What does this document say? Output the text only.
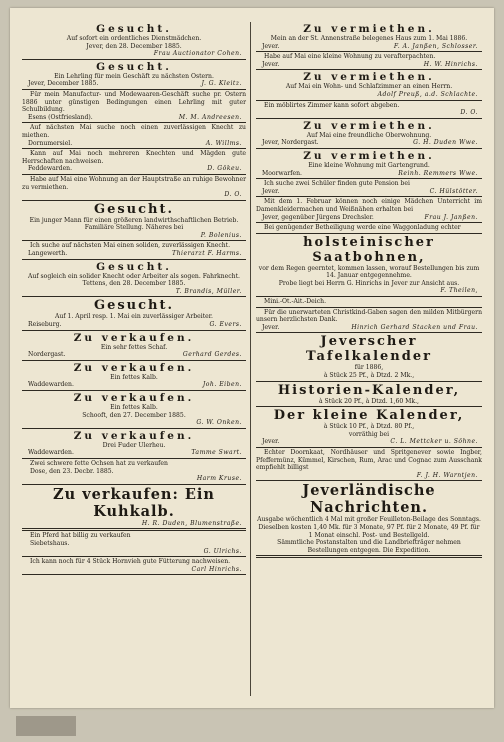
Gesucht.
Auf sofort ein ordentliches Dienstmädchen.
Jever, den 28. December 1885.
Frau Auctionator Cohen.
Gesucht.
Ein Lehrling für mein Geschäft zu nächsten Ostern.
Jever, December 1885.	J. G. Kleitz.
Für mein Manufactur- und Modewaaren-Geschäft suche pr. Ostern 1886 unter günstigen Bedingungen einen Lehrling mit guter Schulbildung.
Esens (Ostfriesland).	M. M. Andreesen.
Auf nächsten Mai suche noch einen zuverlässigen Knecht zu miethen.
Dornumersiel.	A. Willms.
Kann auf Mai noch mehreren Knechten und Mägden gute Herrschaften nachweisen.
Feddewarden.	D. Gökeu.
Habe auf Mai eine Wohnung an der Hauptstraße an ruhige Bewohner zu vermiethen.
D. O.
Gesucht.
Ein junger Mann für einen größeren landwirthschaftlichen Betrieb. Familiäre Stellung. Näheres bei
P. Bolenius.
Ich suche auf nächsten Mai einen soliden, zuverlässigen Knecht.
Langewerth.	Thierarzt F. Harms.
Gesucht.
Auf sogleich ein solider Knecht oder Arbeiter als sogen. Fahrknecht.
Tettens, den 28. December 1885.
T. Brandis, Müller.
Gesucht.
Auf 1. April resp. 1. Mai ein zuverlässiger Arbeiter.
Reiseburg.	G. Evers.
Zu verkaufen.
Ein sehr fettes Schaf.
Nordergast.	Gerhard Gerdes.
Zu verkaufen.
Ein fettes Kalb.
Waddewarden.	Joh. Eiben.
Zu verkaufen.
Ein fettes Kalb.
Schooft, den 27. December 1885.
G. W. Onken.
Zu verkaufen.
Drei Fuder Ulerheu.
Waddewarden.	Tamme Swart.
Zwei schwere fette Ochsen hat zu verkaufen
Dose, den 23. Decbr. 1885.
Harm Kruse.
Zu verkaufen: Ein Kuhkalb.
H. R. Duden, Blumenstraße.
Ein Pferd hat billig zu verkaufen
Siebetshaus.
G. Ulrichs.
Ich kann noch für 4 Stück Hornvieh gute Fütterung nachweisen.
Carl Hinrichs.
Zu vermiethen.
Mein an der St. Annenstraße belegenes Haus zum 1. Mai 1886.
Jever.	F. A. Janßen, Schlosser.
Habe auf Mai eine kleine Wohnung zu verafterpachten.
Jever.	H. W. Hinrichs.
Zu vermiethen.
Auf Mai ein Wohn- und Schlafzimmer an einen Herrn.
Adolf Preuß, a.d. Schlachte.
Ein möblirtes Zimmer kann sofort abgeben.
D. O.
Zu vermiethen.
Auf Mai eine freundliche Oberwohnung.
Jever, Nordergast.	G. H. Duden Wwe.
Zu vermiethen.
Eine kleine Wohnung mit Gartengrund.
Moorwarfen.	Reinh. Remmers Wwe.
Ich suche zwei Schüler finden gute Pension bei
Jever.	C. Hülstötter.
Mit dem 1. Februar können noch einige Mädchen Unterricht im Damenkleidermachen und Weißnähen erhalten bei
Jever, gegenüber Jürgens Drechsler.	Frau J. Janßen.
Bei genügender Betheiligung werde eine Waggonladung echter
holsteinischer Saatbohnen,
vor dem Regen geerntet, kommen lassen, worauf Bestellungen bis zum 14. Januar entgegennehme.
Probe liegt bei Herrn G. Hinrichs in Jever zur Ansicht aus.
F. Theilen,
Mini.-Ot.-Ait.-Deich.
Für die unerwarteten Christkind-Gaben sagen den milden Mitbürgern unsern herzlichsten Dank.
Jever.	Hinrich Gerhard Stacken und Frau.
Jeverscher Tafelkalender
für 1886,
à Stück 25 Pf., à Dtzd. 2 Mk.,
Historien-Kalender,
à Stück 20 Pf., à Dtzd. 1,60 Mk.,
Der kleine Kalender,
à Stück 10 Pf., à Dtzd. 80 Pf.,
vorräthig bei
Jever.	C. L. Mettcker u. Söhne.
Echter Doornkaat, Nordhäuser und Spritgenever sowie Ingber, Pfeffermünz, Kümmel, Kirschen, Rum, Arac und Cognac zum Ausschank empfiehlt billigst
F. J. H. Warntjen.
Jeverländische Nachrichten.
Ausgabe wöchentlich 4 Mal mit großer Feuilleton-Beilage des Sonntags.
Dieselben kosten 1,40 Mk. für 3 Monate, 97 Pf. für 2 Monate, 49 Pf. für 1 Monat einschl. Post- und Bestellgeld.
Sämmtliche Postanstalten und die Landbriefträger nehmen Bestellungen entgegen. Die Expedition.
